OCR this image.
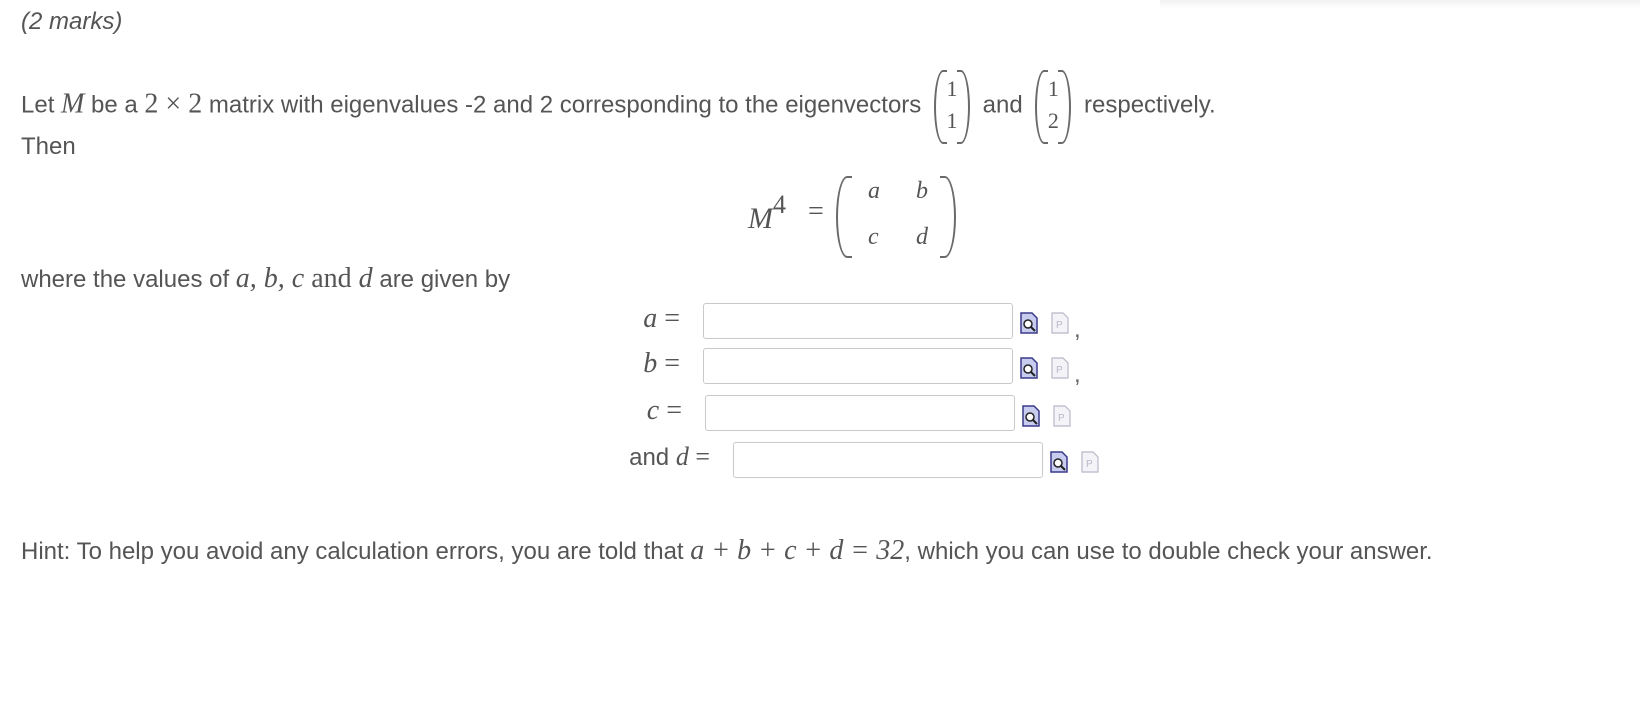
(2 marks)
Let M be a 2 × 2 matrix with eigenvalues -2 and 2 corresponding to the eigenvectors
1
1
and
1
2
respectively.
Then
$M^4$ =
a b
c d
where the values of a, b, c and d are given by
a =	P ,
b =	P ,
c =	P
and d =	P
Hint: To help you avoid any calculation errors, you are told that a + b + c + d = 32, which you can use to double check your answer.
